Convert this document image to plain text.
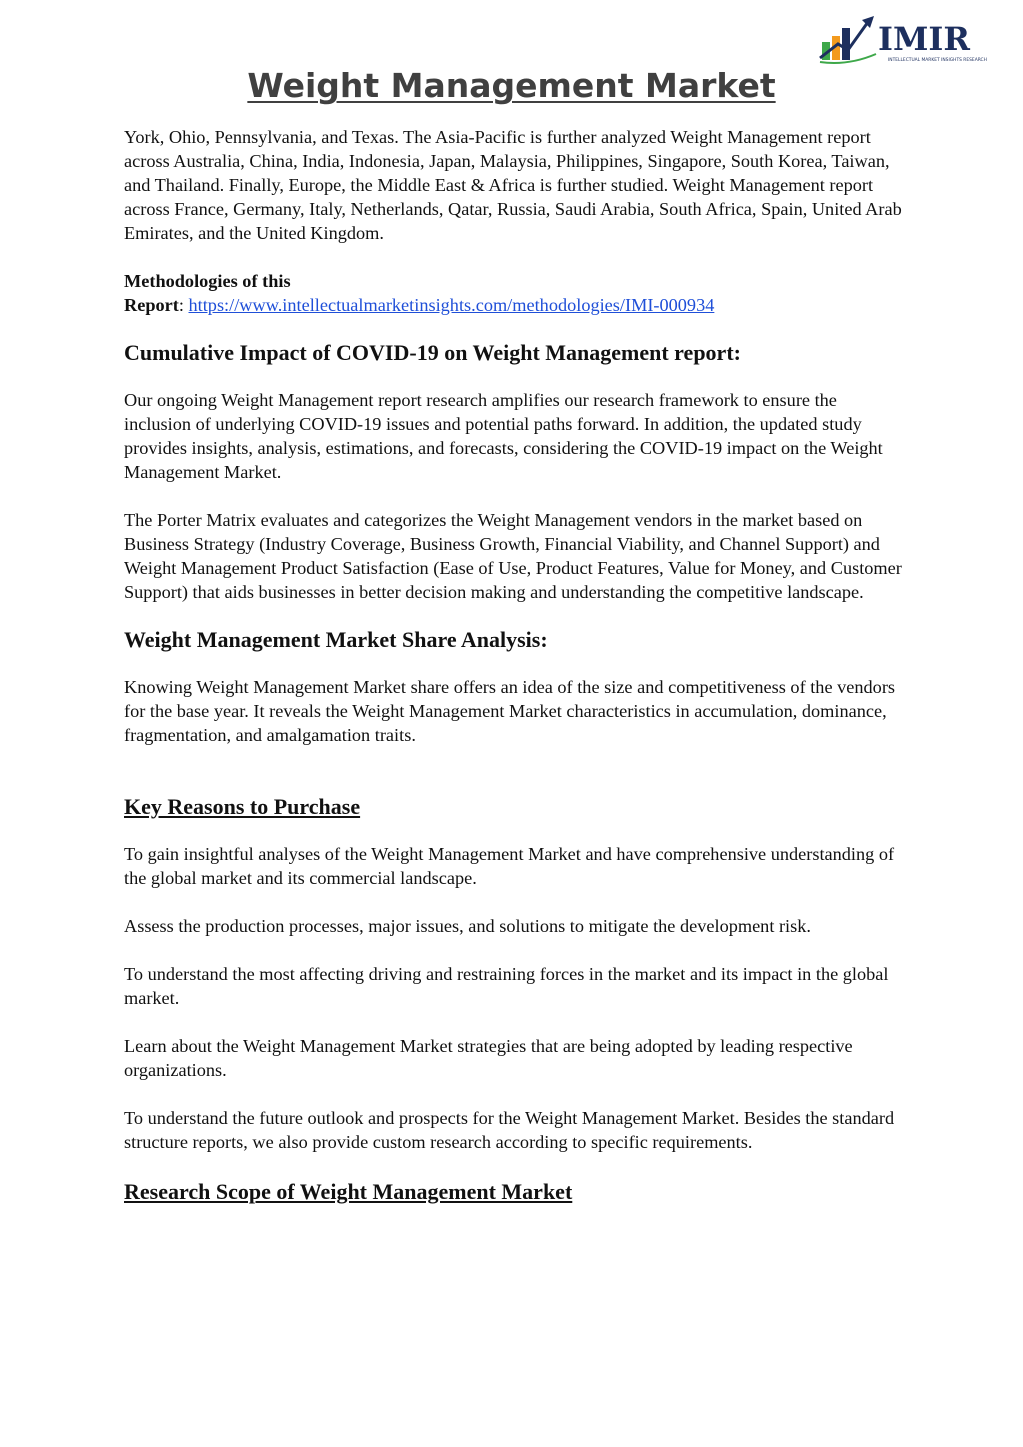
IMIR
INTELLECTUAL MARKET INSIGHTS RESEARCH
Weight Management Market

York, Ohio, Pennsylvania, and Texas. The Asia-Pacific is further analyzed Weight Management report across Australia, China, India, Indonesia, Japan, Malaysia, Philippines, Singapore, South Korea, Taiwan, and Thailand. Finally, Europe, the Middle East & Africa is further studied. Weight Management report across France, Germany, Italy, Netherlands, Qatar, Russia, Saudi Arabia, South Africa, Spain, United Arab Emirates, and the United Kingdom.

Methodologies of this
Report: https://www.intellectualmarketinsights.com/methodologies/IMI-000934

Cumulative Impact of COVID-19 on Weight Management report:

Our ongoing Weight Management report research amplifies our research framework to ensure the inclusion of underlying COVID-19 issues and potential paths forward. In addition, the updated study provides insights, analysis, estimations, and forecasts, considering the COVID-19 impact on the Weight Management Market.

The Porter Matrix evaluates and categorizes the Weight Management vendors in the market based on Business Strategy (Industry Coverage, Business Growth, Financial Viability, and Channel Support) and Weight Management Product Satisfaction (Ease of Use, Product Features, Value for Money, and Customer Support) that aids businesses in better decision making and understanding the competitive landscape.

Weight Management Market Share Analysis:

Knowing Weight Management Market share offers an idea of the size and competitiveness of the vendors for the base year. It reveals the Weight Management Market characteristics in accumulation, dominance, fragmentation, and amalgamation traits.

Key Reasons to Purchase

To gain insightful analyses of the Weight Management Market and have comprehensive understanding of the global market and its commercial landscape.

Assess the production processes, major issues, and solutions to mitigate the development risk.

To understand the most affecting driving and restraining forces in the market and its impact in the global market.

Learn about the Weight Management Market strategies that are being adopted by leading respective organizations.

To understand the future outlook and prospects for the Weight Management Market. Besides the standard structure reports, we also provide custom research according to specific requirements.

Research Scope of Weight Management Market
